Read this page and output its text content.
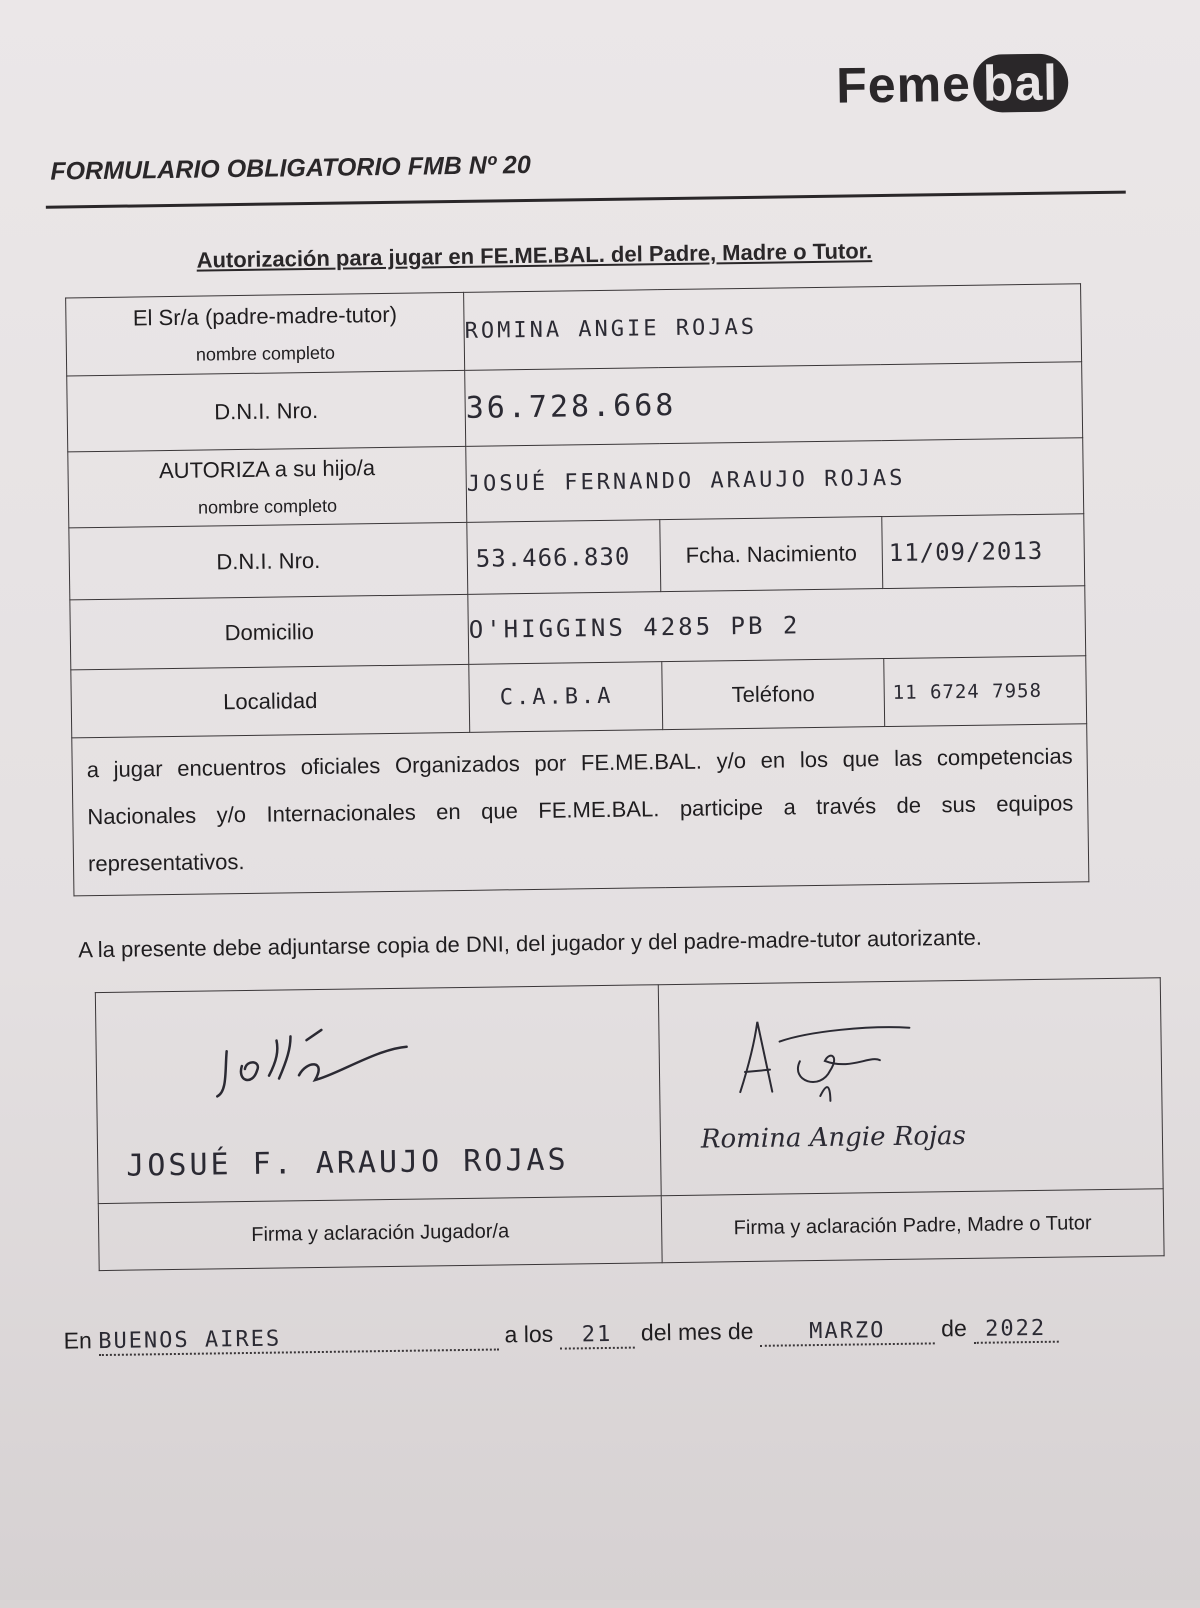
Feme bal
FORMULARIO OBLIGATORIO FMB Nº 20
Autorización para jugar en FE.ME.BAL. del Padre, Madre o Tutor.
El Sr/a (padre-madre-tutor)
nombre completo	ROMINA ANGIE ROJAS		
D.N.I. Nro.	36.728.668		
AUTORIZA a su hijo/a
nombre completo	JOSUÉ FERNANDO ARAUJO ROJAS		
D.N.I. Nro.	53.466.830	Fcha. Nacimiento	11/09/2013
Domicilio	O'HIGGINS 4285 PB 2		
Localidad	C.A.B.A	Teléfono	11 6724 7958
a jugar encuentros oficiales Organizados por FE.ME.BAL. y/o en los que las competencias Nacionales y/o Internacionales en que FE.ME.BAL. participe a través de sus equipos representativos.			
A la presente debe adjuntarse copia de DNI, del jugador y del padre-madre-tutor autorizante.
JOSUÉ F. ARAUJO ROJAS	Romina Angie Rojas

Firma y aclaración Jugador/a	Firma y aclaración Padre, Madre o Tutor
En BUENOS AIRES	a los 21 del mes de	MARZO de 2022
